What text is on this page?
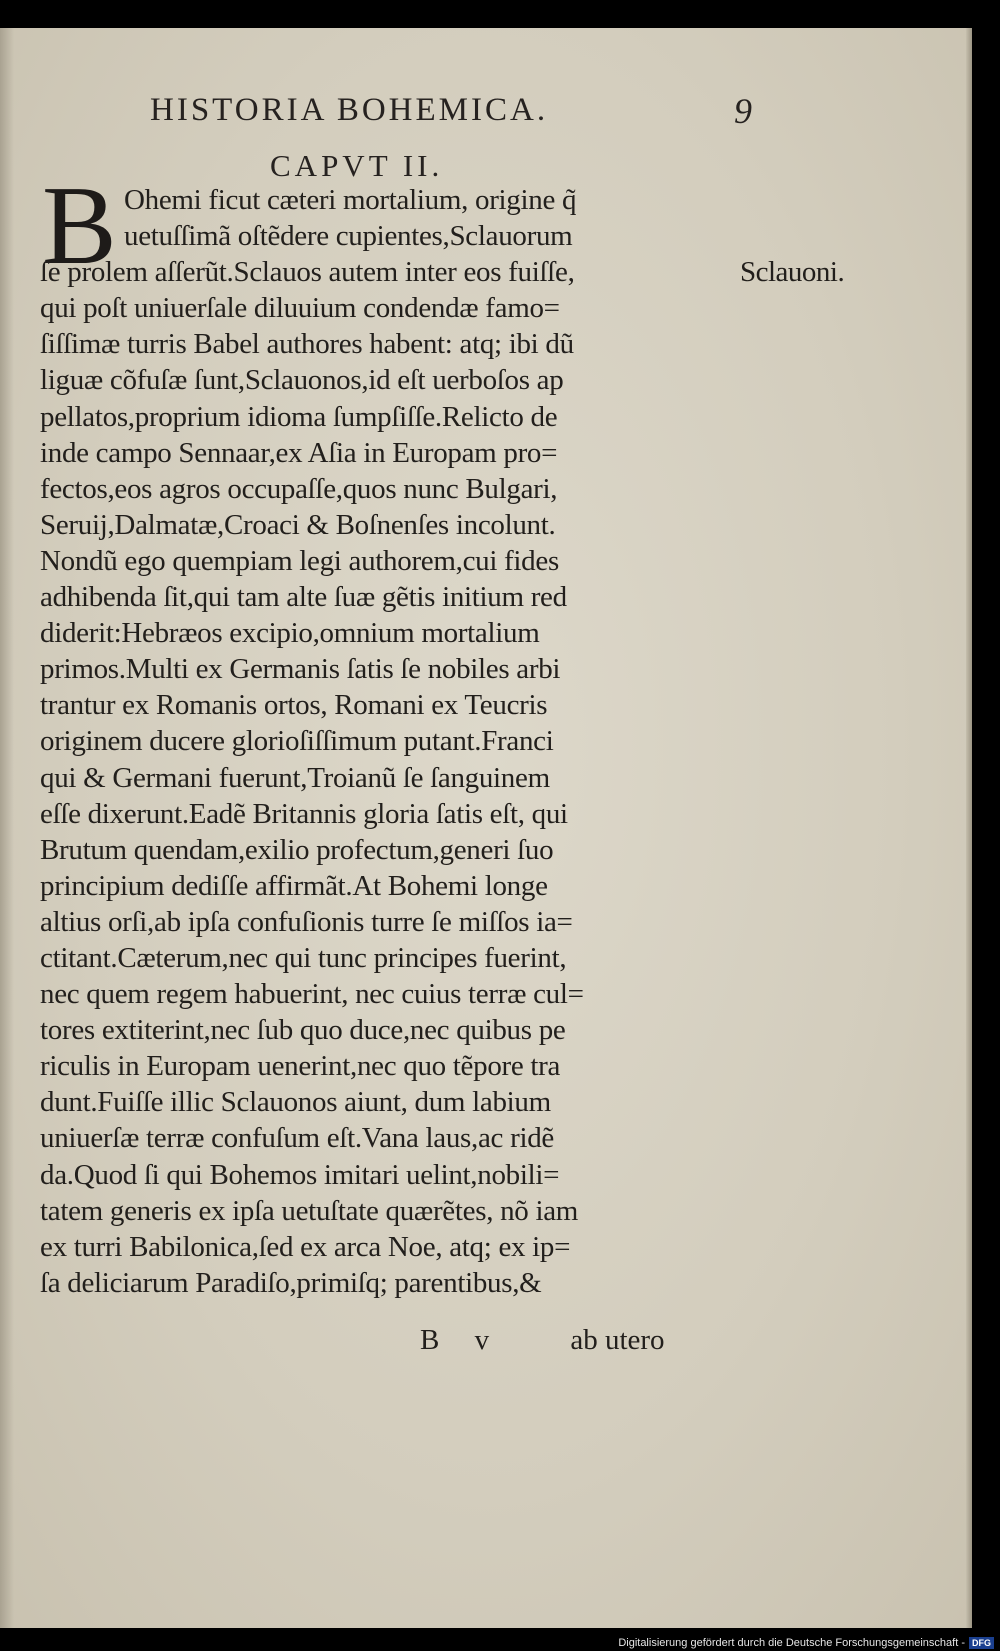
HISTORIA BOHEMICA.	9
CAPVT II.
B Ohemi ficut cæteri mortalium, origine q̃
uetuſſimã oſtẽdere cupientes,Sclauorum
ſe prolem aſſerũt.Sclauos autem inter eos fuiſſe,
qui poſt uniuerſale diluuium condendæ famo=
ſiſſimæ turris Babel authores habent: atq; ibi dũ
liguæ cõfuſæ ſunt,Sclauonos,id eſt uerboſos ap
pellatos,proprium idioma ſumpſiſſe.Relicto de
inde campo Sennaar,ex Aſia in Europam pro=
fectos,eos agros occupaſſe,quos nunc Bulgari,
Seruij,Dalmatæ,Croaci & Boſnenſes incolunt.
Nondũ ego quempiam legi authorem,cui fides
adhibenda ſit,qui tam alte ſuæ gẽtis initium red
diderit:Hebræos excipio,omnium mortalium
primos.Multi ex Germanis ſatis ſe nobiles arbi
trantur ex Romanis ortos, Romani ex Teucris
originem ducere glorioſiſſimum putant.Franci
qui & Germani fuerunt,Troianũ ſe ſanguinem
eſſe dixerunt.Eadẽ Britannis gloria ſatis eſt, qui
Brutum quendam,exilio profectum,generi ſuo
principium dediſſe affirmãt.At Bohemi longe
altius orſi,ab ipſa confuſionis turre ſe miſſos ia=
ctitant.Cæterum,nec qui tunc principes fuerint,
nec quem regem habuerint, nec cuius terræ cul=
tores extiterint,nec ſub quo duce,nec quibus pe
riculis in Europam uenerint,nec quo tẽpore tra
dunt.Fuiſſe illic Sclauonos aiunt, dum labium
uniuerſæ terræ confuſum eſt.Vana laus,ac ridẽ
da.Quod ſi qui Bohemos imitari uelint,nobili=
tatem generis ex ipſa uetuſtate quærẽtes, nõ iam
ex turri Babilonica,ſed ex arca Noe, atq; ex ip=
ſa deliciarum Paradiſo,primiſq; parentibus,&
Sclauoni.
B v ab utero
Digitalisierung gefördert durch die Deutsche Forschungsgemeinschaft - DFG
